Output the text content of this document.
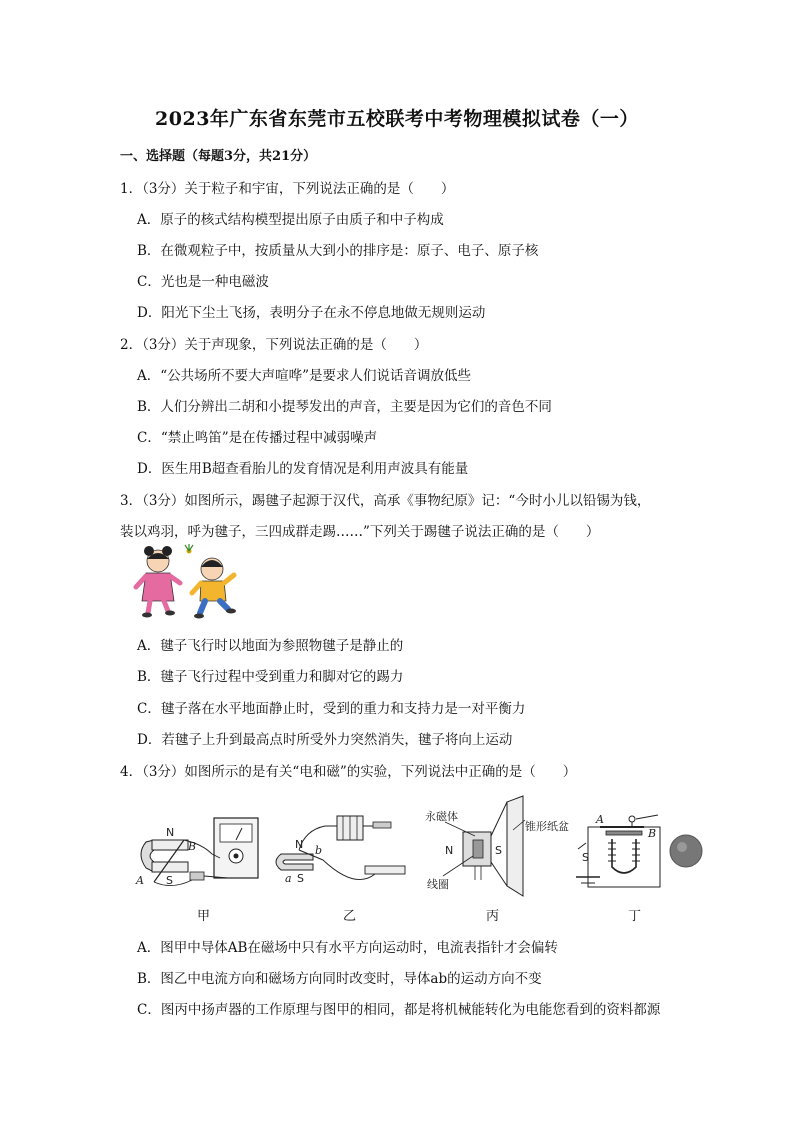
2023年广东省东莞市五校联考中考物理模拟试卷（一）
一、选择题（每题3分，共21分）
1．（3分）关于粒子和宇宙，下列说法正确的是（　　）
A．原子的核式结构模型提出原子由质子和中子构成
B．在微观粒子中，按质量从大到小的排序是：原子、电子、原子核
C．光也是一种电磁波
D．阳光下尘土飞扬，表明分子在永不停息地做无规则运动
2．（3分）关于声现象，下列说法正确的是（　　）
A．“公共场所不要大声喧哗”是要求人们说话音调放低些
B．人们分辨出二胡和小提琴发出的声音，主要是因为它们的音色不同
C．“禁止鸣笛”是在传播过程中减弱噪声
D．医生用B超查看胎儿的发育情况是利用声波具有能量
3．（3分）如图所示，踢毽子起源于汉代，高承《事物纪原》记：“今时小儿以铅锡为钱，
装以鸡羽，呼为毽子，三四成群走踢……”下列关于踢毽子说法正确的是（　　）
A．毽子飞行时以地面为参照物毽子是静止的
B．毽子飞行过程中受到重力和脚对它的踢力
C．毽子落在水平地面静止时，受到的重力和支持力是一对平衡力
D．若毽子上升到最高点时所受外力突然消失，毽子将向上运动
4．（3分）如图所示的是有关“电和磁”的实验，下列说法中正确的是（　　）
N
B
A S
N b
a S
永磁体
锥形纸盆
N	S
线圈
A
B
S
甲	乙	丙	丁
A．图甲中导体AB在磁场中只有水平方向运动时，电流表指针才会偏转
B．图乙中电流方向和磁场方向同时改变时，导体ab的运动方向不变
C．图丙中扬声器的工作原理与图甲的相同，都是将机械能转化为电能您看到的资料都源
